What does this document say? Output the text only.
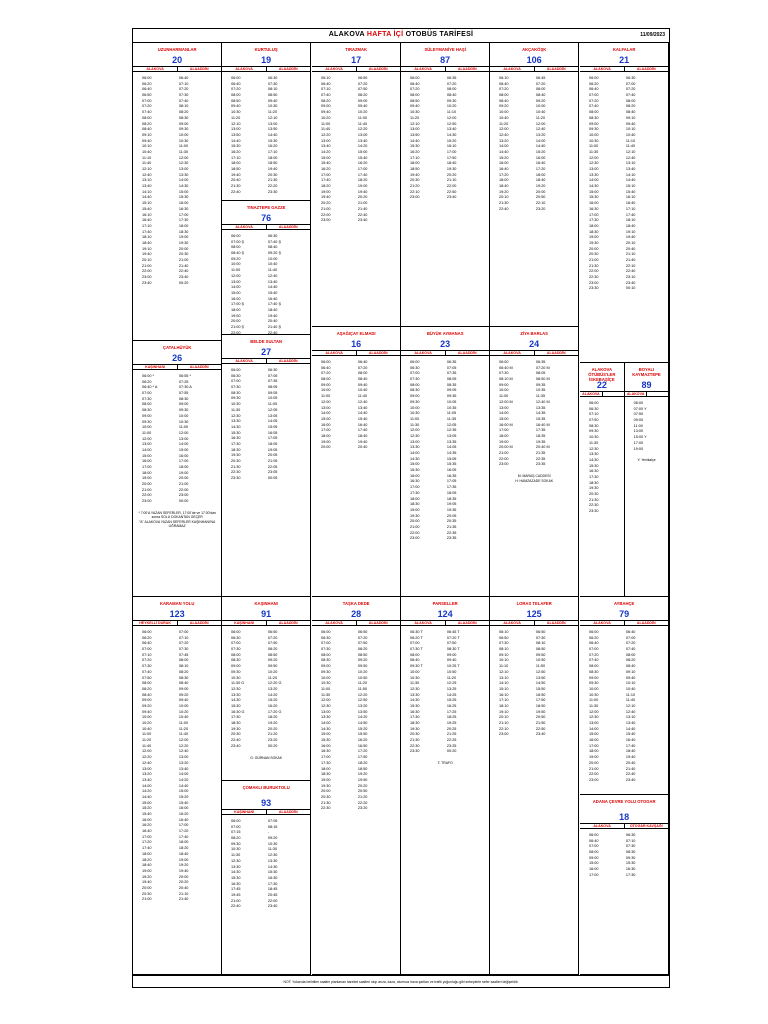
ALAKOVA HAFTA İÇİ OTOBÜS TARİFESİ	11/09/2023
UZUNHARMANLAR
20
ALAKOVA	ALAADDİN
06:00	06:40
06:20	07:10
06:40	07:20
06:50	07:30
07:00	07:40
07:20	08:10
07:40	08:20
08:00	08:30
08:20	09:00
08:40	09:30
09:10	10:00
09:40	10:30
10:10	11:00
10:40	11:30
11:10	12:00
11:40	12:30
12:10	13:00
12:40	13:30
13:10	14:00
13:40	14:30
14:10	15:00
14:40	15:30
15:10	16:00
15:40	16:30
16:10	17:00
16:40	17:30
17:10	18:00
17:40	18:30
18:10	19:00
18:40	19:30
19:10	20:00
19:40	20:30
20:10	21:00
21:00	21:40
22:00	22:40
23:00	23:40
23:40	00:20
KURTULUŞ
19
ALAKOVA	ALAADDİN
06:00	06:30
06:40	07:30
07:20	08:10
08:00	08:50
08:50	09:40
09:40	10:30
10:30	11:20
11:20	12:10
12:10	13:00
13:00	13:50
13:50	14:40
14:40	15:30
15:30	16:20
16:20	17:10
17:10	18:00
18:00	18:50
18:50	19:40
19:40	20:30
20:40	21:30
21:30	22:20
22:40	23:30
TINAZTEPE GAZZE
76
ALAKOVA	ALAADDİN
06:00	06:30
07:00 Ş	07:40 Ş
08:00	08:40
08:40 Ş	09:20 Ş
09:20	10:00
10:00	10:40
11:00	11:40
12:00	12:40
13:00	13:40
14:00	14:40
15:00	15:40
16:00	16:40
17:00 Ş	17:40 Ş
18:00	18:40
19:00	19:40
20:00	20:40
21:00 Ş	21:40 Ş
22:00	22:40
BELDE SULTAN
27
ALAKOVA	ALAADDİN
06:00	06:30
06:30	07:05
07:00	07:35
07:30	08:05
08:30	09:05
09:30	10:05
10:30	11:05
11:30	12:05
12:30	13:05
13:30	14:05
14:30	15:05
15:30	16:05
16:30	17:05
17:30	18:05
18:30	19:05
19:30	20:05
20:30	21:05
21:30	22:05
22:30	23:05
23:30	00:05
TIRAZMAK
17
ALAKOVA	ALAADDİN
06:10	06:50
06:40	07:20
07:10	07:50
07:40	08:20
08:20	09:00
09:00	09:40
09:40	10:20
10:20	11:00
11:00	11:40
11:40	12:20
12:20	13:00
13:00	13:40
13:40	14:20
14:20	15:00
15:00	15:40
15:40	16:20
16:20	17:00
17:00	17:40
17:40	18:20
18:20	19:00
19:00	19:40
19:40	20:20
20:20	21:00
21:00	21:40
22:00	22:40
23:00	23:40
AŞAĞIÇAY ELMADI
16
ALAKOVA	ALAADDİN
06:00	06:40
06:40	07:20
07:20	08:00
08:00	08:40
09:00	09:40
10:00	10:40
11:00	11:40
12:00	12:40
13:00	13:40
14:00	14:40
15:00	15:40
16:00	16:40
17:00	17:40
18:00	18:40
19:00	19:40
20:00	20:40
SÜLEYMANİYE HAŞİ
87
ALAKOVA	ALAADDİN
06:00	06:35
06:40	07:20
07:20	08:00
08:00	08:40
08:50	09:30
09:40	10:20
10:30	11:10
11:20	12:00
12:10	12:50
13:00	13:40
13:50	14:30
14:40	15:20
15:30	16:10
16:20	17:00
17:10	17:50
18:00	18:40
18:50	19:30
19:40	20:20
20:30	21:10
21:20	22:00
22:10	22:50
23:00	23:40
BÜYÜK AYMANAS
23
ALAKOVA	ALAADDİN
06:00	06:35
06:30	07:05
07:00	07:35
07:30	08:05
08:00	08:35
08:30	09:05
09:00	09:35
09:30	10:05
10:00	10:35
10:30	11:05
11:00	11:35
11:30	12:05
12:00	12:35
12:30	13:05
13:00	13:35
13:30	14:05
14:00	14:35
14:30	15:05
15:00	15:35
15:30	16:05
16:00	16:35
16:30	17:05
17:00	17:35
17:30	18:05
18:00	18:35
18:30	19:05
19:00	19:35
19:30	20:05
20:00	20:35
21:00	21:35
22:00	22:35
23:00	23:35
AKÇAKÖŞK
106
ALAKOVA	ALAADDİN
06:10	06:45
06:40	07:20
07:20	08:00
08:00	08:40
08:40	09:20
09:20	10:00
10:00	10:40
10:40	11:20
11:20	12:00
12:00	12:40
12:40	13:20
13:20	14:00
14:00	14:40
14:40	15:20
15:20	16:00
16:00	16:40
16:40	17:20
17:20	18:00
18:00	18:40
18:40	19:20
19:20	20:00
20:10	20:50
21:30	22:10
22:40	23:20
ZİYA BARLAS
24
ALAKOVA	ALAADDİN
06:00	06:35
06:40 M	07:20 M
07:30	08:05
08:10 M	08:50 M
09:00	09:35
10:00	10:35
11:00	11:35
12:00 M	12:40 M
13:00	13:35
14:00	14:35
15:00	15:35
16:00 M	16:40 M
17:00	17:35
18:00	18:35
19:00	19:35
20:00 M	20:40 M
21:00	21:35
22:00	22:35
23:00	23:35
M: MARAŞ CADDESİ
H: HAMZAZADE SOKAK
KALFALAR
21
ALAKOVA	ALAADDİN
06:00	06:30
06:20	07:00
06:40	07:20
07:00	07:40
07:20	08:00
07:40	08:20
08:00	08:40
08:30	09:10
09:00	09:40
09:30	10:10
10:00	10:40
10:30	11:10
11:00	11:40
11:30	12:10
12:00	12:40
12:30	13:10
13:00	13:40
13:30	14:10
14:00	14:40
14:30	15:10
15:00	15:40
15:30	16:10
16:00	16:40
16:30	17:10
17:00	17:40
17:30	18:10
18:00	18:40
18:30	19:10
19:00	19:40
19:30	20:10
20:00	20:40
20:30	21:10
21:00	21:40
21:30	22:10
22:00	22:40
22:30	23:10
23:00	23:40
23:30	00:10
ÇATALHÜYÜK
26
KAŞINHANI	ALAADDİN
06:00 *	06:55 *
06:20	07:25
06:40 * A	07:30 A
07:00	07:55
07:30	08:30
08:00	09:00
08:30	09:30
09:00	10:00
09:30	10:30
10:00	11:00
11:00	12:00
12:00	13:00
13:00	14:00
14:00	15:00
15:00	16:00
16:00	17:00
17:00	18:00
18:00	19:00
19:00	20:00
20:00	21:00
21:00	22:00
22:00	23:00
23:00	00:00
* 7:00'A YAZAN SEFERLER, 17:00'de ve 17:30'dan sonra SOLU DOKANTAN GEÇER
"A" ALAKOVA YAZAN SEFERLER KAŞINHANI'NA UĞRAMAZ
ALAKOVA ÖTÜBÜS'LER İSKEBAŞİÇE
22
ALAKOVA
06:00
06:30
07:10
07:50
08:30
09:30
10:30
11:30
12:30
13:30
14:30
15:30
16:30
17:30
18:30
19:30
20:30
21:30
22:30
23:30
BOYALI KAYMAZTEPE
89
ALAKOVA
06:00
07:00 Y
07:50
09:00
11:00
13:00
15:00 Y
17:00
19:00
Y: Yenikalçe
KARAMAN YOLU
123
HEYKELLİ DURAK	ALAADDİN
06:00	07:00
06:20	07:10
06:40	07:20
07:00	07:30
07:10	07:45
07:20	08:00
07:30	08:10
07:40	08:20
07:50	08:30
08:00	08:40
08:20	09:00
08:40	09:20
09:00	09:40
09:20	10:00
09:40	10:20
10:00	10:40
10:20	11:00
10:40	11:20
11:00	11:40
11:20	12:00
11:40	12:20
12:00	12:40
12:20	13:00
12:40	13:20
13:00	13:40
13:20	14:00
13:40	14:20
14:00	14:40
14:20	15:00
14:40	15:20
15:00	15:40
15:20	16:00
15:40	16:20
16:00	16:40
16:20	17:00
16:40	17:20
17:00	17:40
17:20	18:00
17:40	18:20
18:00	18:40
18:20	19:00
18:40	19:20
19:00	19:40
19:20	20:00
19:40	20:20
20:00	20:40
20:30	21:10
21:00	21:40
KAŞINHANI
91
KAŞINHANI	ALAADDİN
06:00	06:50
06:30	07:20
07:00	07:50
07:30	08:20
08:00	08:50
08:30	09:20
09:00	09:50
09:30	10:20
10:30	11:20
11:30 G	12:20 G
12:30	13:20
13:30	14:20
14:30	15:20
15:30	16:20
16:30 G	17:20 G
17:30	18:20
18:30	19:20
19:30	20:20
20:30	21:20
22:40	23:20
23:40	00:20
G: GÜRNAN SOKAK
ÇOMAKLI BURUKTOLU
93
KAŞINHANI	ALAADDİN
06:00	07:05
07:00	08:15
07:15	-
08:20	09:20
09:30	10:30
10:30	11:30
11:30	12:30
12:30	13:30
13:30	14:30
14:30	15:30
15:30	16:30
16:30	17:30
17:45	18:45
19:45	20:45
21:00	22:00
22:40	23:40
TAŞKA DEDE
28
ALAKOVA	ALAADDİN
06:00	06:50
06:30	07:20
07:00	07:50
07:30	08:20
08:00	08:50
08:30	09:20
09:00	09:50
09:30	10:20
10:00	10:50
10:30	11:20
11:00	11:50
11:30	12:20
12:00	12:50
12:30	13:20
13:00	13:50
13:30	14:20
14:00	14:50
14:30	15:20
15:00	15:50
15:30	16:20
16:00	16:50
16:30	17:20
17:00	17:50
17:30	18:20
18:00	18:50
18:30	19:20
19:00	19:50
19:30	20:20
20:00	20:50
20:30	21:20
21:30	22:20
22:30	23:20
PARSELLER
124
ALAKOVA	ALAADDİN
06:30 T	06:45 T
06:20 T	07:20 T
07:00	07:50
07:30 T	08:30 T
08:00	09:00
08:40	09:40
09:30 T	10:25 T
10:00	10:50
10:30	11:20
11:30	12:25
12:30	13:25
13:30	14:25
14:30	15:25
15:30	16:25
16:30	17:25
17:30	18:25
18:30	19:25
19:30	20:25
20:30	21:25
21:30	22:25
22:30	23:25
23:30	00:20
T: TRAFO
LORAS TELAFER
125
ALAKOVA	ALAADDİN
06:10	06:50
06:50	07:30
07:30	08:10
08:10	08:50
09:10	09:50
10:10	10:50
11:10	11:50
12:10	12:50
13:10	13:50
14:10	14:50
15:10	15:50
16:10	16:50
17:10	17:50
18:10	18:50
19:10	19:50
20:10	20:50
21:10	21:50
22:10	22:50
23:00	23:40
AYBAHÇE
79
ALAKOVA	ALAADDİN
06:00	06:40
06:20	07:00
06:40	07:20
07:00	07:40
07:20	08:00
07:40	08:20
08:00	08:40
08:30	09:10
09:00	09:40
09:30	10:10
10:00	10:40
10:30	11:10
11:00	11:40
11:30	12:10
12:00	12:40
12:30	13:10
13:00	13:40
14:00	14:40
15:00	15:40
16:00	16:40
17:00	17:40
18:00	18:40
19:00	19:40
20:00	20:40
21:00	21:40
22:00	22:40
23:00	23:40
ADANA ÇEVRE YOLU OTOGAR
18
ALAKOVA	OTOGAR KAVŞAĞI
06:00	06:30
06:40	07:10
07:00	07:30
08:00	08:30
09:00	09:30
15:00	15:30
16:00	16:30
17:00	17:30
NOT: Yukarıda belirtilen saatler planlanan hareket saatleri olup arıza, kaza, olumsuz hava şartları ve trafik yoğunluğu gibi sebeplerle sefer saatleri değişebilir.
